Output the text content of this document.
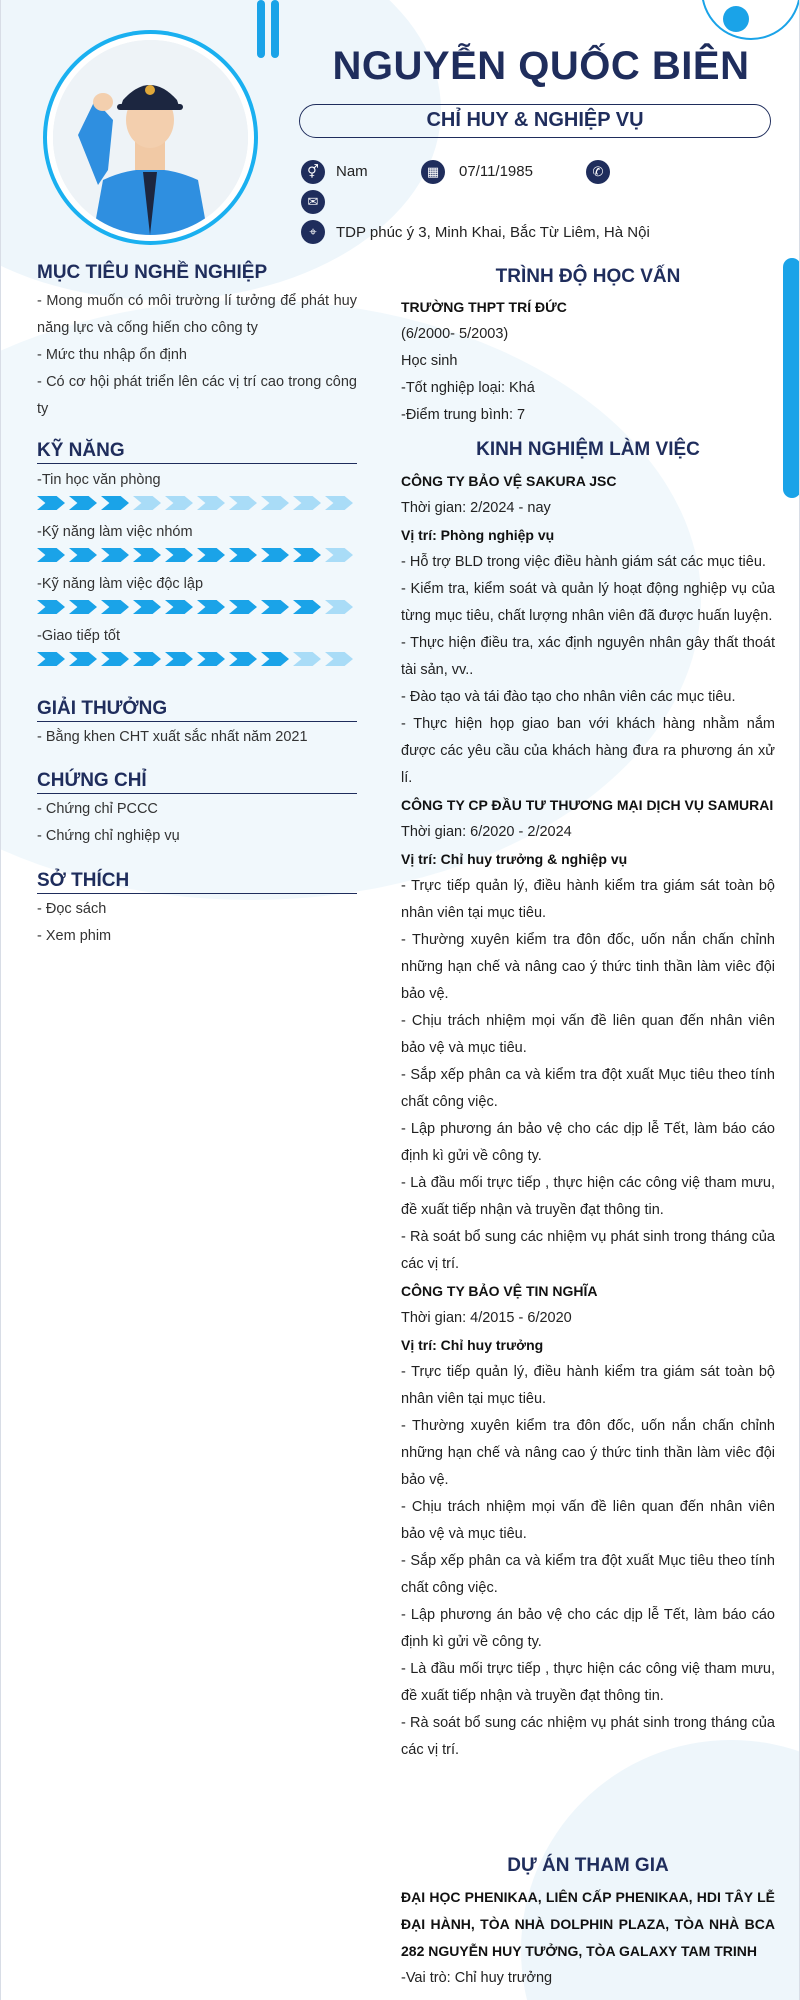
NGUYỄN QUỐC BIÊN
CHỈ HUY & NGHIỆP VỤ
⚥	Nam	▦	07/11/1985	✆
✉
⌖	TDP phúc ý 3, Minh Khai, Bắc Từ Liêm, Hà Nội
MỤC TIÊU NGHỀ NGHIỆP
- Mong muốn có môi trường lí tưởng để phát huy năng lực và cống hiến cho công ty
- Mức thu nhập ổn định
- Có cơ hội phát triển lên các vị trí cao trong công ty
KỸ NĂNG
-Tin học văn phòng
-Kỹ năng làm việc nhóm
-Kỹ năng làm việc độc lập
-Giao tiếp tốt
GIẢI THƯỞNG
- Bằng khen CHT xuất sắc nhất năm 2021
CHỨNG CHỈ
- Chứng chỉ PCCC
- Chứng chỉ nghiệp vụ
SỞ THÍCH
- Đọc sách
- Xem phim
TRÌNH ĐỘ HỌC VẤN
TRƯỜNG THPT TRÍ ĐỨC
(6/2000- 5/2003)
Học sinh
-Tốt nghiệp loại: Khá
-Điểm trung bình: 7
KINH NGHIỆM LÀM VIỆC
CÔNG TY BẢO VỆ SAKURA JSC
Thời gian: 2/2024 - nay
Vị trí: Phòng nghiệp vụ
- Hỗ trợ BLD trong việc điều hành giám sát các mục tiêu.
- Kiểm tra, kiểm soát và quản lý hoạt động nghiệp vụ của từng mục tiêu, chất lượng nhân viên đã được huấn luyện.
- Thực hiện điều tra, xác định nguyên nhân gây thất thoát tài sản, vv..
- Đào tạo và tái đào tạo cho nhân viên các mục tiêu.
- Thực hiện họp giao ban với khách hàng nhằm nắm được các yêu cầu của khách hàng đưa ra phương án xử lí.
CÔNG TY CP ĐẦU TƯ THƯƠNG MẠI DỊCH VỤ SAMURAI
Thời gian: 6/2020 - 2/2024
Vị trí: Chỉ huy trưởng & nghiệp vụ
- Trực tiếp quản lý, điều hành kiểm tra giám sát toàn bộ nhân viên tại mục tiêu.
- Thường xuyên kiểm tra đôn đốc, uốn nắn chấn chỉnh những hạn chế và nâng cao ý thức tinh thần làm viêc đội bảo vệ.
- Chịu trách nhiệm mọi vấn đề liên quan đến nhân viên bảo vệ và mục tiêu.
- Sắp xếp phân ca và kiểm tra đột xuất Mục tiêu theo tính chất công việc.
- Lập phương án bảo vệ cho các dịp lễ Tết, làm báo cáo định kì gửi về công ty.
- Là đầu mối trực tiếp , thực hiện các công việ tham mưu, đề xuất tiếp nhận và truyền đạt thông tin.
- Rà soát bổ sung các nhiệm vụ phát sinh trong tháng của các vị trí.
CÔNG TY BẢO VỆ TIN NGHĨA
Thời gian: 4/2015 - 6/2020
Vị trí: Chỉ huy trưởng
- Trực tiếp quản lý, điều hành kiểm tra giám sát toàn bộ nhân viên tại mục tiêu.
- Thường xuyên kiểm tra đôn đốc, uốn nắn chấn chỉnh những hạn chế và nâng cao ý thức tinh thần làm viêc đội bảo vệ.
- Chịu trách nhiệm mọi vấn đề liên quan đến nhân viên bảo vệ và mục tiêu.
- Sắp xếp phân ca và kiểm tra đột xuất Mục tiêu theo tính chất công việc.
- Lập phương án bảo vệ cho các dịp lễ Tết, làm báo cáo định kì gửi về công ty.
- Là đầu mối trực tiếp , thực hiện các công việ tham mưu, đề xuất tiếp nhận và truyền đạt thông tin.
- Rà soát bổ sung các nhiệm vụ phát sinh trong tháng của các vị trí.
DỰ ÁN THAM GIA
ĐẠI HỌC PHENIKAA, LIÊN CẤP PHENIKAA, HDI TÂY LỄ ĐẠI HÀNH, TÒA NHÀ DOLPHIN PLAZA, TÒA NHÀ BCA 282 NGUYỄN HUY TƯỞNG, TÒA GALAXY TAM TRINH
-Vai trò: Chỉ huy trưởng
